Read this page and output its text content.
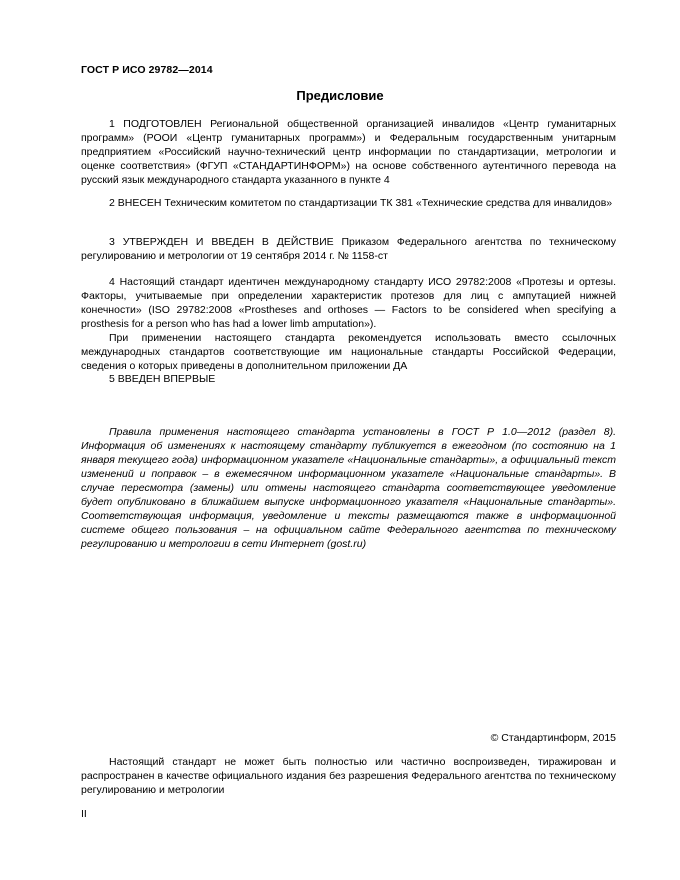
ГОСТ Р ИСО 29782—2014
Предисловие

1 ПОДГОТОВЛЕН Региональной общественной организацией инвалидов «Центр гуманитарных программ» (РООИ «Центр гуманитарных программ») и Федеральным государственным унитарным предприятием «Российский научно-технический центр информации по стандартизации, метрологии и оценке соответствия» (ФГУП «СТАНДАРТИНФОРМ») на основе собственного аутентичного перевода на русский язык международного стандарта указанного в пункте 4

2 ВНЕСЕН Техническим комитетом по стандартизации ТК 381 «Технические средства для инвалидов»

3 УТВЕРЖДЕН И ВВЕДЕН В ДЕЙСТВИЕ Приказом Федерального агентства по техническому регулированию и метрологии от 19 сентября 2014 г. № 1158-ст

4 Настоящий стандарт идентичен международному стандарту ИСО 29782:2008 «Протезы и ортезы. Факторы, учитываемые при определении характеристик протезов для лиц с ампутацией нижней конечности» (ISO 29782:2008 «Prostheses and orthoses — Factors to be considered when specifying a prosthesis for a person who has had a lower limb amputation»).

При применении настоящего стандарта рекомендуется использовать вместо ссылочных международных стандартов соответствующие им национальные стандарты Российской Федерации, сведения о которых приведены в дополнительном приложении ДА

5 ВВЕДЕН ВПЕРВЫЕ

Правила применения настоящего стандарта установлены в ГОСТ Р 1.0—2012 (раздел 8). Информация об изменениях к настоящему стандарту публикуется в ежегодном (по состоянию на 1 января текущего года) информационном указателе «Национальные стандарты», а официальный текст изменений и поправок – в ежемесячном информационном указателе «Национальные стандарты». В случае пересмотра (замены) или отмены настоящего стандарта соответствующее уведомление будет опубликовано в ближайшем выпуске информационного указателя «Национальные стандарты». Соответствующая информация, уведомление и тексты размещаются также в информационной системе общего пользования – на официальном сайте Федерального агентства по техническому регулированию и метрологии в сети Интернет (gost.ru)

© Стандартинформ, 2015

Настоящий стандарт не может быть полностью или частично воспроизведен, тиражирован и распространен в качестве официального издания без разрешения Федерального агентства по техническому регулированию и метрологии

II
